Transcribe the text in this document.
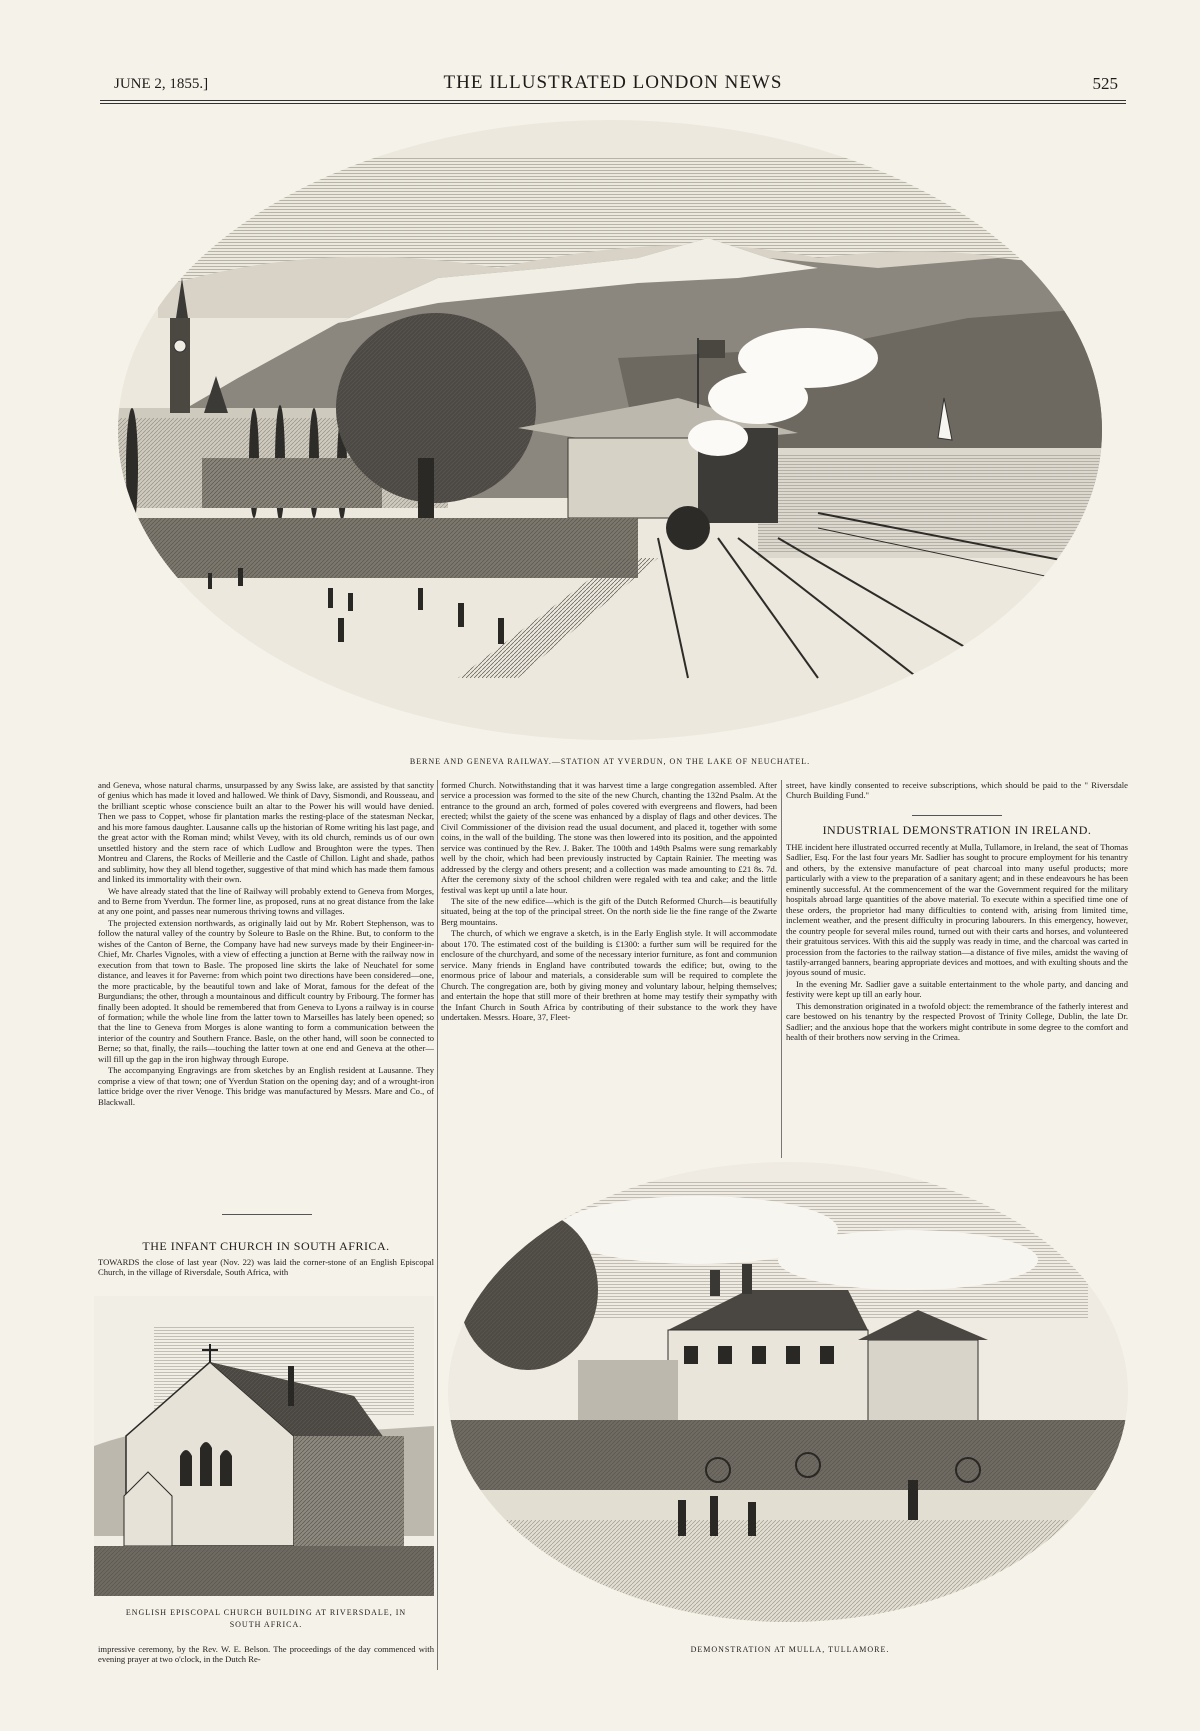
JUNE 2, 1855.]	THE ILLUSTRATED LONDON NEWS	525
BERNE AND GENEVA RAILWAY.—STATION AT YVERDUN, ON THE LAKE OF NEUCHATEL.

and Geneva, whose natural charms, unsurpassed by any Swiss lake, are assisted by that sanctity of genius which has made it loved and hallowed. We think of Davy, Sismondi, and Rousseau, and the brilliant sceptic whose conscience built an altar to the Power his will would have denied. Then we pass to Coppet, whose fir plantation marks the resting-place of the statesman Neckar, and his more famous daughter. Lausanne calls up the historian of Rome writing his last page, and the great actor with the Roman mind; whilst Vevey, with its old church, reminds us of our own unsettled history and the stern race of which Ludlow and Broughton were the types. Then Montreu and Clarens, the Rocks of Meillerie and the Castle of Chillon. Light and shade, pathos and sublimity, how they all blend together, suggestive of that mind which has made them famous and linked its immortality with their own.

We have already stated that the line of Railway will probably extend to Geneva from Morges, and to Berne from Yverdun. The former line, as proposed, runs at no great distance from the lake at any one point, and passes near numerous thriving towns and villages.

The projected extension northwards, as originally laid out by Mr. Robert Stephenson, was to follow the natural valley of the country by Soleure to Basle on the Rhine. But, to conform to the wishes of the Canton of Berne, the Company have had new surveys made by their Engineer-in-Chief, Mr. Charles Vignoles, with a view of effecting a junction at Berne with the railway now in execution from that town to Basle. The proposed line skirts the lake of Neuchatel for some distance, and leaves it for Paverne: from which point two directions have been considered—one, the more practicable, by the beautiful town and lake of Morat, famous for the defeat of the Burgundians; the other, through a mountainous and difficult country by Fribourg. The former has finally been adopted. It should be remembered that from Geneva to Lyons a railway is in course of formation; while the whole line from the latter town to Marseilles has lately been opened; so that the line to Geneva from Morges is alone wanting to form a communication between the interior of the country and Southern France. Basle, on the other hand, will soon be connected to Berne; so that, finally, the rails—touching the latter town at one end and Geneva at the other—will fill up the gap in the iron highway through Europe.

The accompanying Engravings are from sketches by an English resident at Lausanne. They comprise a view of that town; one of Yverdun Station on the opening day; and of a wrought-iron lattice bridge over the river Venoge. This bridge was manufactured by Messrs. Mare and Co., of Blackwall.

THE INFANT CHURCH IN SOUTH AFRICA.

TOWARDS the close of last year (Nov. 22) was laid the corner-stone of an English Episcopal Church, in the village of Riversdale, South Africa, with

ENGLISH EPISCOPAL CHURCH BUILDING AT RIVERSDALE, IN
SOUTH AFRICA.

impressive ceremony, by the Rev. W. E. Belson. The proceedings of the day commenced with evening prayer at two o'clock, in the Dutch Re-

formed Church. Notwithstanding that it was harvest time a large congregation assembled. After service a procession was formed to the site of the new Church, chanting the 132nd Psalm. At the entrance to the ground an arch, formed of poles covered with evergreens and flowers, had been erected; whilst the gaiety of the scene was enhanced by a display of flags and other devices. The Civil Commissioner of the division read the usual document, and placed it, together with some coins, in the wall of the building. The stone was then lowered into its position, and the appointed service was continued by the Rev. J. Baker. The 100th and 149th Psalms were sung remarkably well by the choir, which had been previously instructed by Captain Rainier. The meeting was addressed by the clergy and others present; and a collection was made amounting to £21 8s. 7d. After the ceremony sixty of the school children were regaled with tea and cake; and the little festival was kept up until a late hour.

The site of the new edifice—which is the gift of the Dutch Reformed Church—is beautifully situated, being at the top of the principal street. On the north side lie the fine range of the Zwarte Berg mountains.

The church, of which we engrave a sketch, is in the Early English style. It will accommodate about 170. The estimated cost of the building is £1300: a further sum will be required for the enclosure of the churchyard, and some of the necessary interior furniture, as font and communion service. Many friends in England have contributed towards the edifice; but, owing to the enormous price of labour and materials, a considerable sum will be required to complete the Church. The congregation are, both by giving money and voluntary labour, helping themselves; and entertain the hope that still more of their brethren at home may testify their sympathy with the Infant Church in South Africa by contributing of their substance to the work they have undertaken. Messrs. Hoare, 37, Fleet-

street, have kindly consented to receive subscriptions, which should be paid to the " Riversdale Church Building Fund."

INDUSTRIAL DEMONSTRATION IN IRELAND.

THE incident here illustrated occurred recently at Mulla, Tullamore, in Ireland, the seat of Thomas Sadlier, Esq. For the last four years Mr. Sadlier has sought to procure employment for his tenantry and others, by the extensive manufacture of peat charcoal into many useful products; more particularly with a view to the preparation of a sanitary agent; and in these endeavours he has been eminently successful. At the commencement of the war the Government required for the military hospitals abroad large quantities of the above material. To execute within a specified time one of these orders, the proprietor had many difficulties to contend with, arising from limited time, inclement weather, and the present difficulty in procuring labourers. In this emergency, however, the country people for several miles round, turned out with their carts and horses, and volunteered their gratuitous services. With this aid the supply was ready in time, and the charcoal was carted in procession from the factories to the railway station—a distance of five miles, amidst the waving of tastily-arranged banners, bearing appropriate devices and mottoes, and with exulting shouts and the joyous sound of music.

In the evening Mr. Sadlier gave a suitable entertainment to the whole party, and dancing and festivity were kept up till an early hour.

This demonstration originated in a twofold object: the remembrance of the fatherly interest and care bestowed on his tenantry by the respected Provost of Trinity College, Dublin, the late Dr. Sadlier; and the anxious hope that the workers might contribute in some degree to the comfort and health of their brothers now serving in the Crimea.

DEMONSTRATION AT MULLA, TULLAMORE.
